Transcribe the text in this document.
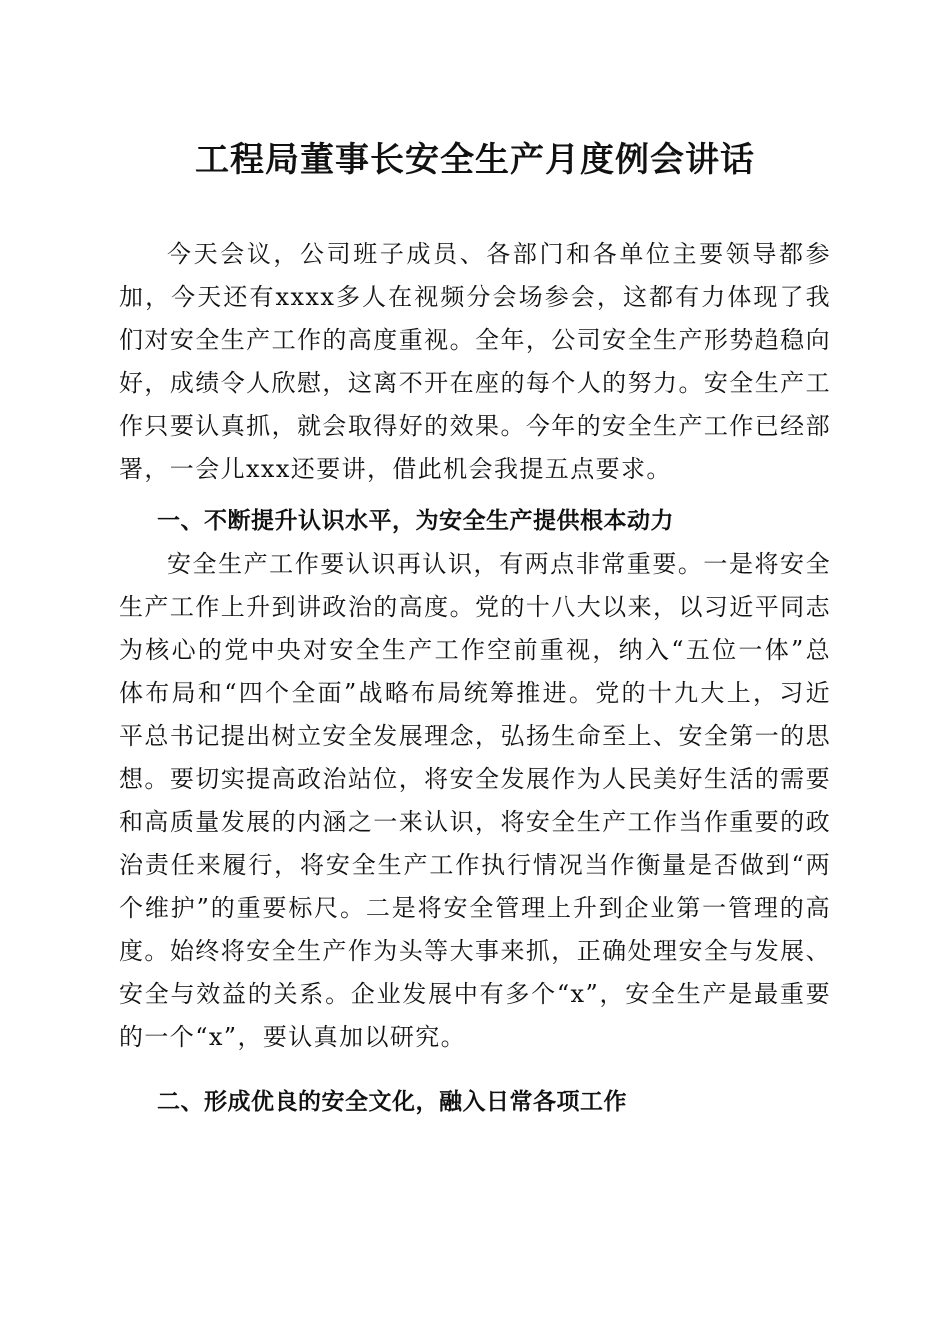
工程局董事长安全生产月度例会讲话

今天会议，公司班子成员、各部门和各单位主要领导都参加，今天还有xxxx多人在视频分会场参会，这都有力体现了我们对安全生产工作的高度重视。全年，公司安全生产形势趋稳向好，成绩令人欣慰，这离不开在座的每个人的努力。安全生产工作只要认真抓，就会取得好的效果。今年的安全生产工作已经部署，一会儿xxx还要讲，借此机会我提五点要求。

一、不断提升认识水平，为安全生产提供根本动力

安全生产工作要认识再认识，有两点非常重要。一是将安全生产工作上升到讲政治的高度。党的十八大以来，以习近平同志为核心的党中央对安全生产工作空前重视，纳入“五位一体”总体布局和“四个全面”战略布局统筹推进。党的十九大上，习近平总书记提出树立安全发展理念，弘扬生命至上、安全第一的思想。要切实提高政治站位，将安全发展作为人民美好生活的需要和高质量发展的内涵之一来认识，将安全生产工作当作重要的政治责任来履行，将安全生产工作执行情况当作衡量是否做到“两个维护”的重要标尺。二是将安全管理上升到企业第一管理的高度。始终将安全生产作为头等大事来抓，正确处理安全与发展、安全与效益的关系。企业发展中有多个“x”，安全生产是最重要的一个“x”，要认真加以研究。

二、形成优良的安全文化，融入日常各项工作
